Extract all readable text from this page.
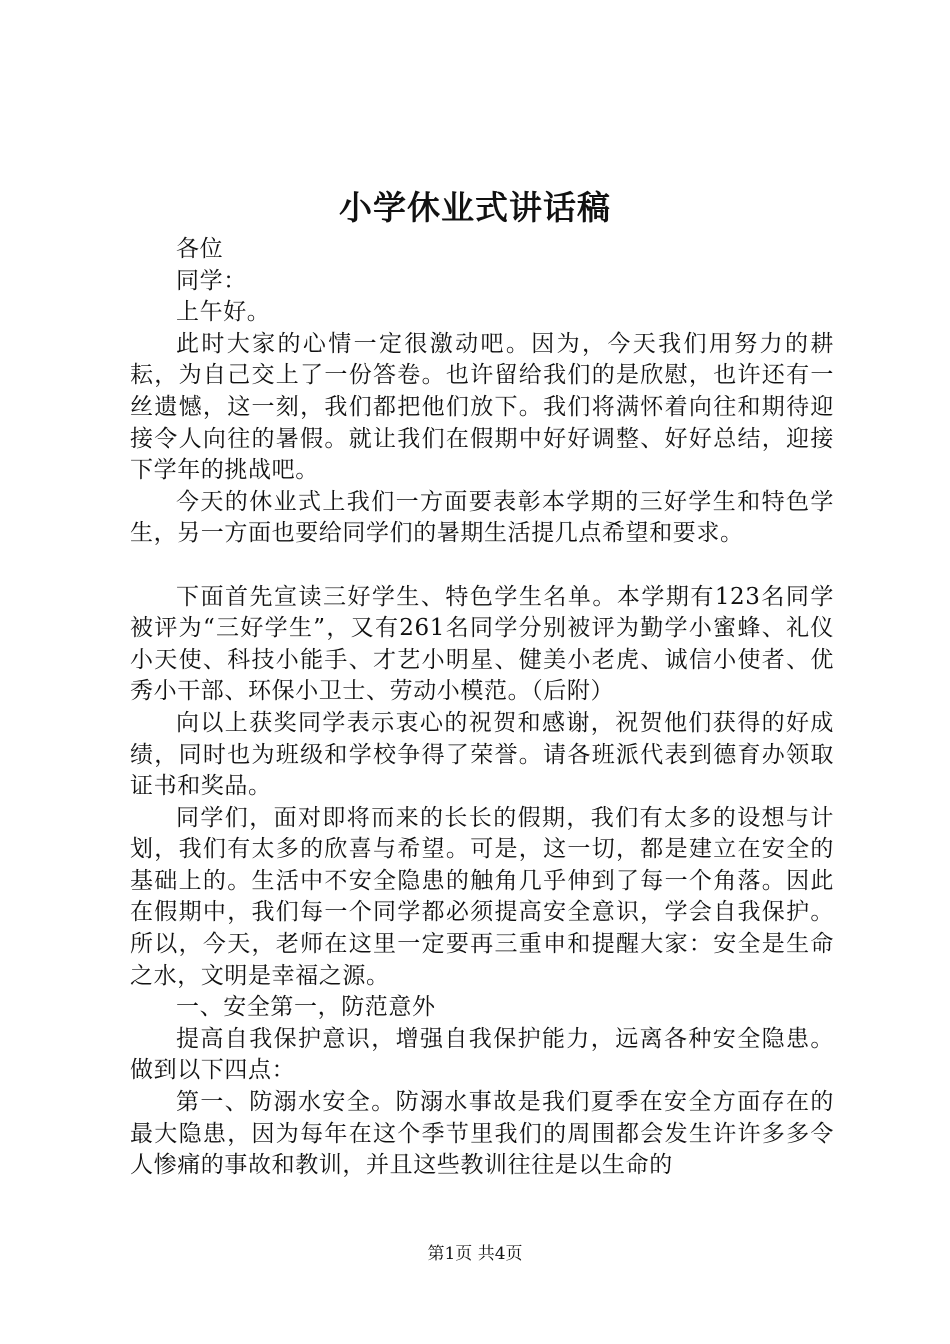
小学休业式讲话稿

各位

同学：

上午好。

此时大家的心情一定很激动吧。因为，今天我们用努力的耕耘，为自己交上了一份答卷。也许留给我们的是欣慰，也许还有一丝遗憾，这一刻，我们都把他们放下。我们将满怀着向往和期待迎接令人向往的暑假。就让我们在假期中好好调整、好好总结，迎接下学年的挑战吧。

今天的休业式上我们一方面要表彰本学期的三好学生和特色学生，另一方面也要给同学们的暑期生活提几点希望和要求。

下面首先宣读三好学生、特色学生名单。本学期有123名同学被评为“三好学生”，又有261名同学分别被评为勤学小蜜蜂、礼仪小天使、科技小能手、才艺小明星、健美小老虎、诚信小使者、优秀小干部、环保小卫士、劳动小模范。（后附）

向以上获奖同学表示衷心的祝贺和感谢，祝贺他们获得的好成绩，同时也为班级和学校争得了荣誉。请各班派代表到德育办领取证书和奖品。

同学们，面对即将而来的长长的假期，我们有太多的设想与计划，我们有太多的欣喜与希望。可是，这一切，都是建立在安全的基础上的。生活中不安全隐患的触角几乎伸到了每一个角落。因此在假期中，我们每一个同学都必须提高安全意识，学会自我保护。所以，今天，老师在这里一定要再三重申和提醒大家：安全是生命之水，文明是幸福之源。

一、安全第一，防范意外

提高自我保护意识，增强自我保护能力，远离各种安全隐患。做到以下四点：

第一、防溺水安全。防溺水事故是我们夏季在安全方面存在的最大隐患，因为每年在这个季节里我们的周围都会发生许许多多令人惨痛的事故和教训，并且这些教训往往是以生命的

第1页 共4页
